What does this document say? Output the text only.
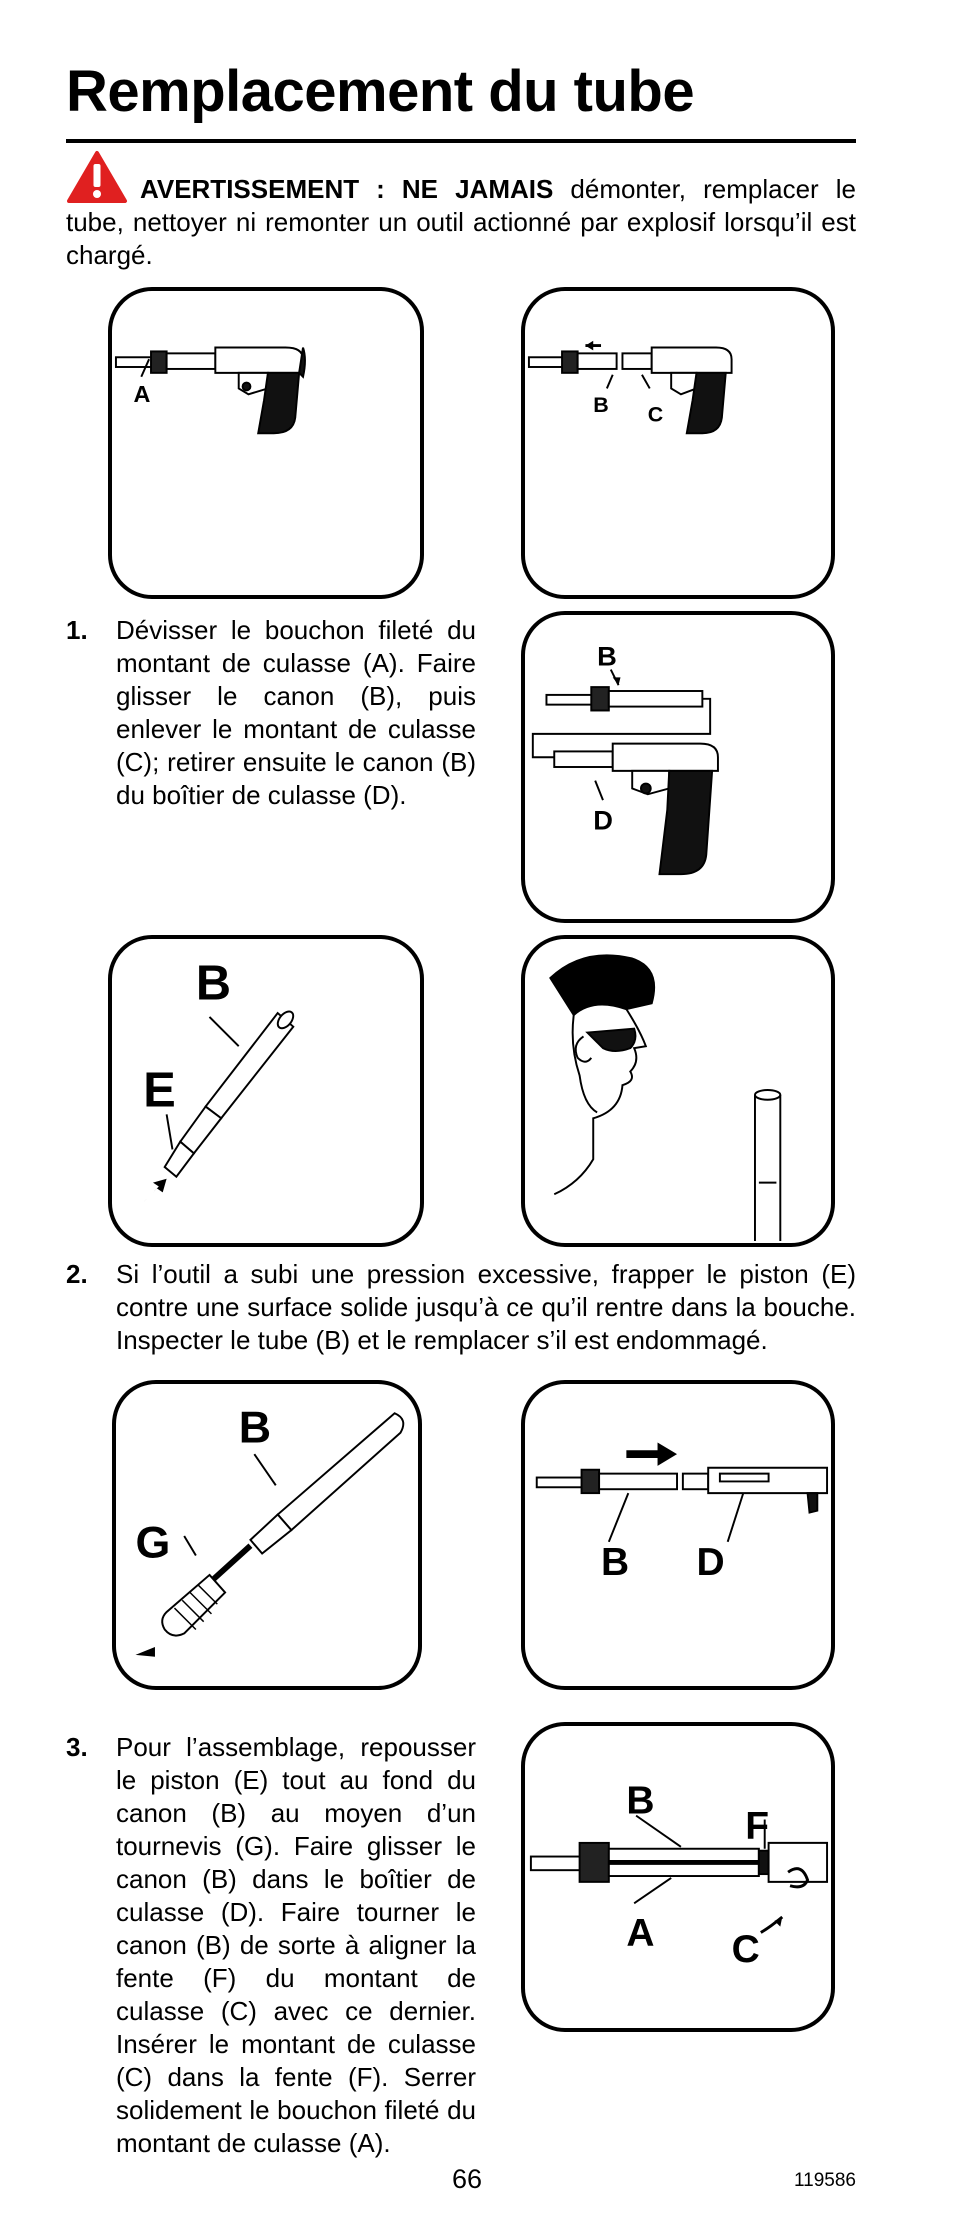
Remplacement du tube
AVERTISSEMENT : NE JAMAIS démonter, remplacer le tube, nettoyer ni remonter un outil actionné par explosif lorsqu’il est chargé.
A	B C
B
D
B
E
1. Dévisser le bouchon fileté du montant de culasse (A). Faire glisser le canon (B), puis enlever le montant de culasse (C); retirer ensuite le canon (B) du boîtier de culasse (D).
2. Si l’outil a subi une pression excessive, frapper le piston (E) contre une surface solide jusqu’à ce qu’il rentre dans la bouche. Inspecter le tube (B) et le remplacer s’il est endommagé.
B
G	B D
3. Pour l’assemblage, repousser le piston (E) tout au fond du canon (B) au moyen d’un tournevis (G). Faire glisser le canon (B) dans le boîtier de culasse (D). Faire tourner le canon (B) de sorte à aligner la fente (F) du montant de culasse (C) avec ce dernier. Insérer le montant de culasse (C) dans la fente (F). Serrer solidement le bouchon fileté du montant de culasse (A).
B
F
A C
66	119586
